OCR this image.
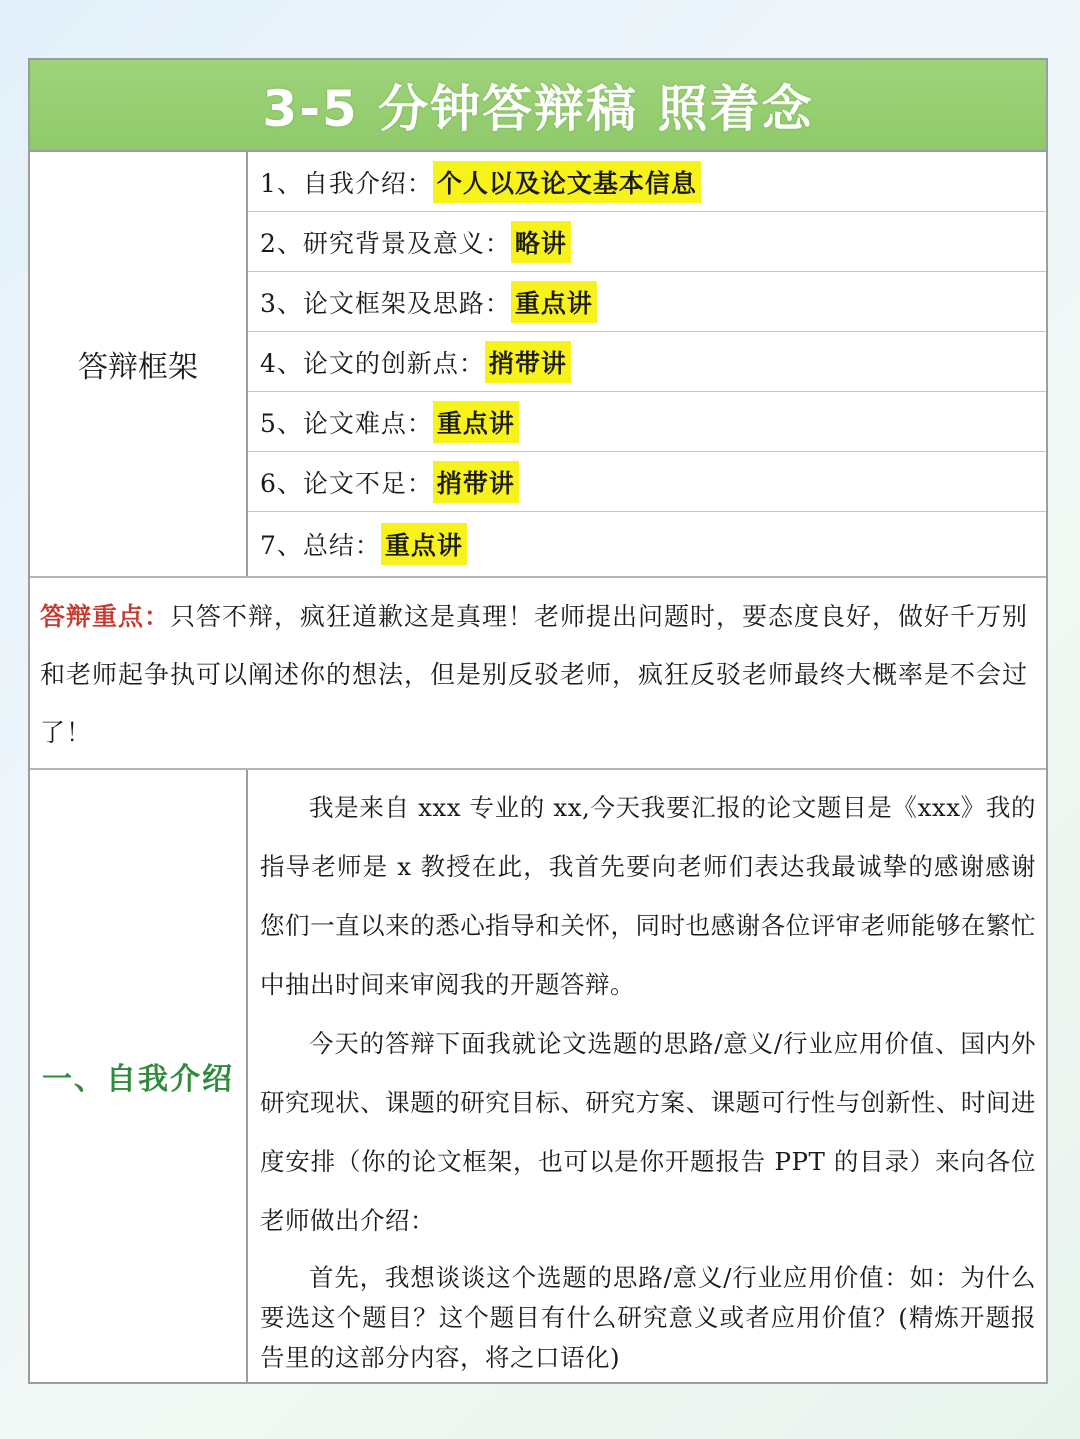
3-5 分钟答辩稿 照着念
答辩框架
1、自我介绍： 个人以及论文基本信息
2、研究背景及意义： 略讲
3、论文框架及思路： 重点讲
4、论文的创新点： 捎带讲
5、论文难点： 重点讲
6、论文不足： 捎带讲
7、总结： 重点讲
答辩重点：只答不辩，疯狂道歉这是真理！老师提出问题时，要态度良好，做好千万别和老师起争执可以阐述你的想法，但是别反驳老师，疯狂反驳老师最终大概率是不会过了！
一、自我介绍

我是来自 xxx 专业的 xx,今天我要汇报的论文题目是《xxx》我的指导老师是 x 教授在此，我首先要向老师们表达我最诚挚的感谢感谢您们一直以来的悉心指导和关怀，同时也感谢各位评审老师能够在繁忙中抽出时间来审阅我的开题答辩。

今天的答辩下面我就论文选题的思路/意义/行业应用价值、国内外研究现状、课题的研究目标、研究方案、课题可行性与创新性、时间进度安排（你的论文框架，也可以是你开题报告 PPT 的目录）来向各位老师做出介绍：

首先，我想谈谈这个选题的思路/意义/行业应用价值：如：为什么要选这个题目？这个题目有什么研究意义或者应用价值？(精炼开题报告里的这部分内容，将之口语化)
